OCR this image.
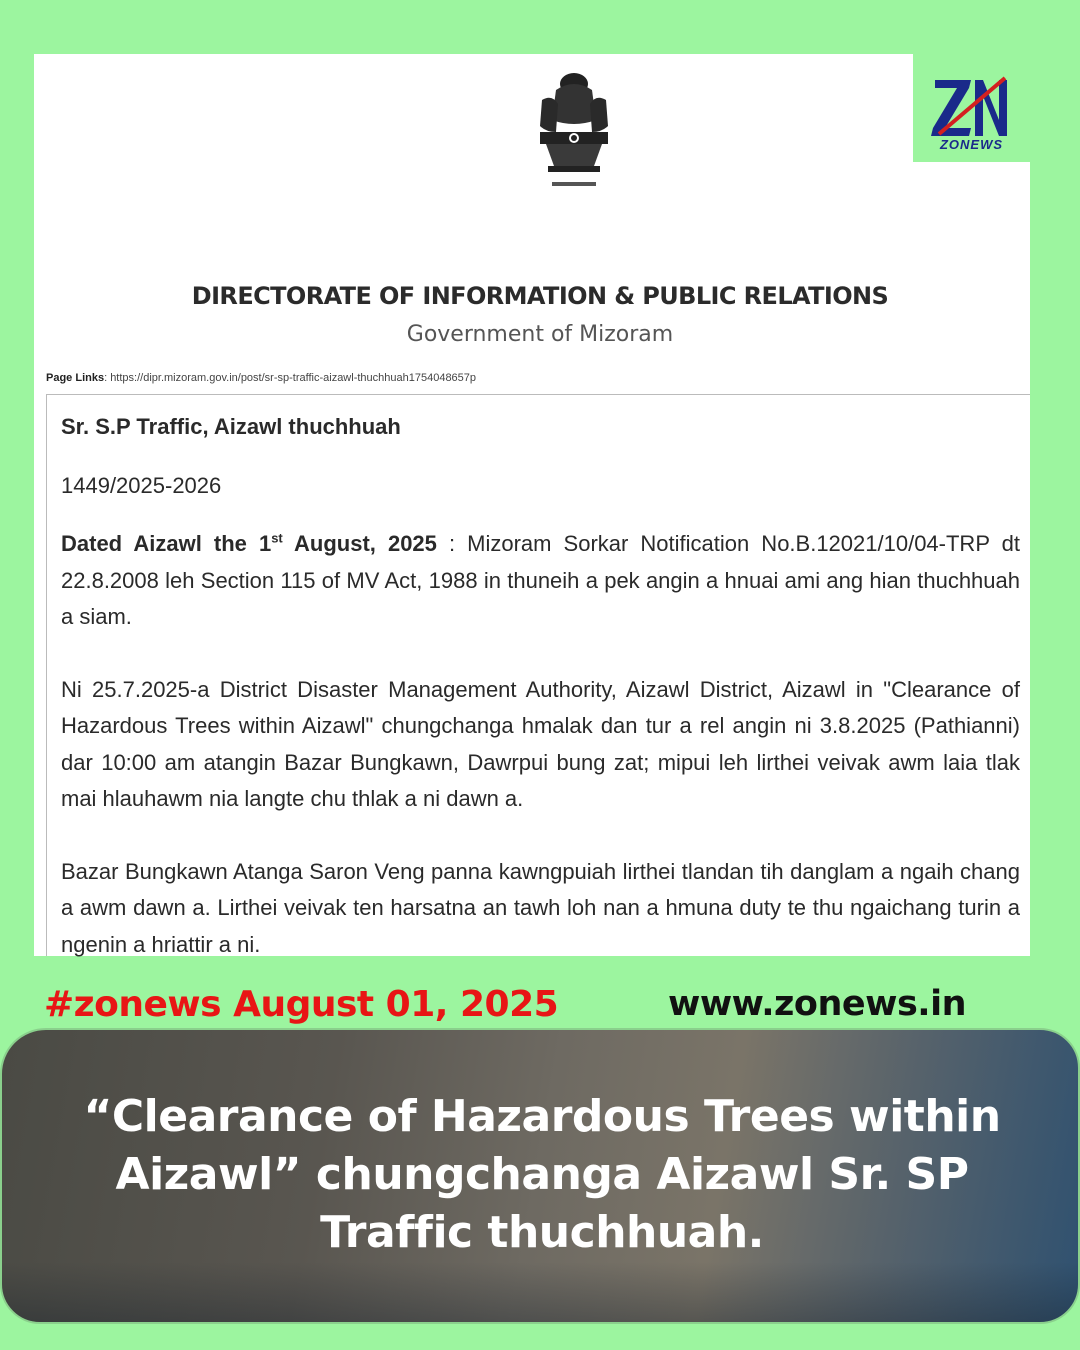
DIRECTORATE OF INFORMATION & PUBLIC RELATIONS
Government of Mizoram
Page Links: https://dipr.mizoram.gov.in/post/sr-sp-traffic-aizawl-thuchhuah1754048657p
Sr. S.P Traffic, Aizawl thuchhuah
1449/2025-2026
Dated Aizawl the 1st August, 2025 : Mizoram Sorkar Notification No.B.12021/10/04-TRP dt 22.8.2008 leh Section 115 of MV Act, 1988 in thuneih a pek angin a hnuai ami ang hian thuchhuah a siam.
Ni 25.7.2025-a District Disaster Management Authority, Aizawl District, Aizawl in "Clearance of Hazardous Trees within Aizawl" chungchanga hmalak dan tur a rel angin ni 3.8.2025 (Pathianni) dar 10:00 am atangin Bazar Bungkawn, Dawrpui bung zat; mipui leh lirthei veivak awm laia tlak mai hlauhawm nia langte chu thlak a ni dawn a.
Bazar Bungkawn Atanga Saron Veng panna kawngpuiah lirthei tlandan tih danglam a ngaih chang a awm dawn a. Lirthei veivak ten harsatna an tawh loh nan a hmuna duty te thu ngaichang turin a ngenin a hriattir a ni.
ZONEWS
#zonews August 01, 2025	www.zonews.in
“Clearance of Hazardous Trees within Aizawl” chungchanga Aizawl Sr. SP Traffic thuchhuah.
